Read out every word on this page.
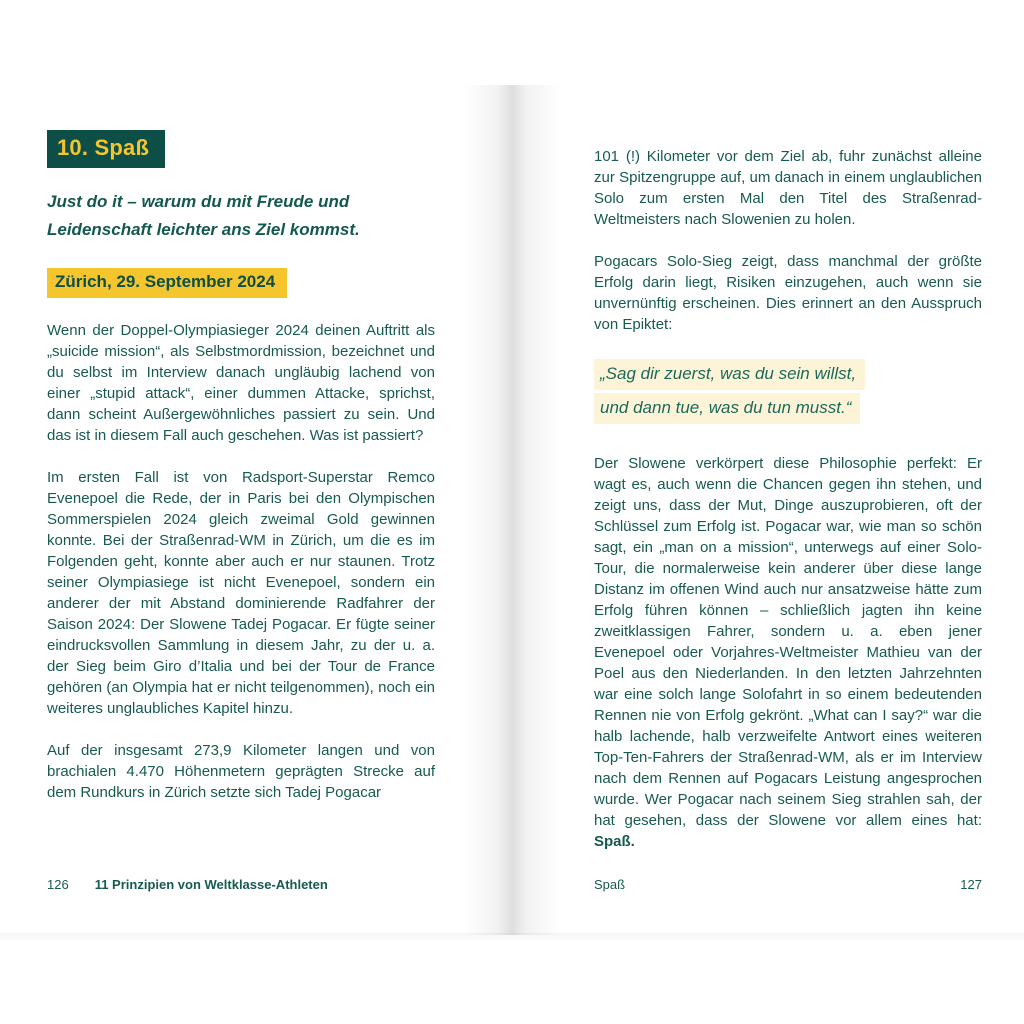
10. Spaß
Just do it – warum du mit Freude und Leidenschaft leichter ans Ziel kommst.
Zürich, 29. September 2024

Wenn der Doppel-Olympiasieger 2024 deinen Auftritt als „suicide mission“, als Selbstmordmission, bezeichnet und du selbst im Interview danach ungläubig lachend von einer „stupid attack“, einer dummen Attacke, sprichst, dann scheint Außergewöhnliches passiert zu sein. Und das ist in diesem Fall auch geschehen. Was ist passiert?

Im ersten Fall ist von Radsport-Superstar Remco Evenepoel die Rede, der in Paris bei den Olympischen Sommerspielen 2024 gleich zweimal Gold gewinnen konnte. Bei der Straßenrad-WM in Zürich, um die es im Folgenden geht, konnte aber auch er nur staunen. Trotz seiner Olympiasiege ist nicht Evenepoel, sondern ein anderer der mit Abstand dominierende Radfahrer der Saison 2024: Der Slowene Tadej Pogacar. Er fügte seiner eindrucksvollen Sammlung in diesem Jahr, zu der u. a. der Sieg beim Giro d’Italia und bei der Tour de France gehören (an Olympia hat er nicht teilgenommen), noch ein weiteres unglaubliches Kapitel hinzu.

Auf der insgesamt 273,9 Kilometer langen und von brachialen 4.470 Höhenmetern geprägten Strecke auf dem Rundkurs in Zürich setzte sich Tadej Pogacar

101 (!) Kilometer vor dem Ziel ab, fuhr zunächst alleine zur Spitzengruppe auf, um danach in einem unglaublichen Solo zum ersten Mal den Titel des Straßenrad-Weltmeisters nach Slowenien zu holen.

Pogacars Solo-Sieg zeigt, dass manchmal der größte Erfolg darin liegt, Risiken einzugehen, auch wenn sie unvernünftig erscheinen. Dies erinnert an den Ausspruch von Epiktet:

„Sag dir zuerst, was du sein willst,
und dann tue, was du tun musst.“

Der Slowene verkörpert diese Philosophie perfekt: Er wagt es, auch wenn die Chancen gegen ihn stehen, und zeigt uns, dass der Mut, Dinge auszuprobieren, oft der Schlüssel zum Erfolg ist. Pogacar war, wie man so schön sagt, ein „man on a mission“, unterwegs auf einer Solo-Tour, die normalerweise kein anderer über diese lange Distanz im offenen Wind auch nur ansatzweise hätte zum Erfolg führen können – schließlich jagten ihn keine zweitklassigen Fahrer, sondern u. a. eben jener Evenepoel oder Vorjahres-Weltmeister Mathieu van der Poel aus den Niederlanden. In den letzten Jahrzehnten war eine solch lange Solofahrt in so einem bedeutenden Rennen nie von Erfolg gekrönt. „What can I say?“ war die halb lachende, halb verzweifelte Antwort eines weiteren Top-Ten-Fahrers der Straßenrad-WM, als er im Interview nach dem Rennen auf Pogacars Leistung angesprochen wurde. Wer Pogacar nach seinem Sieg strahlen sah, der hat gesehen, dass der Slowene vor allem eines hat: Spaß.

126 11 Prinzipien von Weltklasse-Athleten	Spaß	127
